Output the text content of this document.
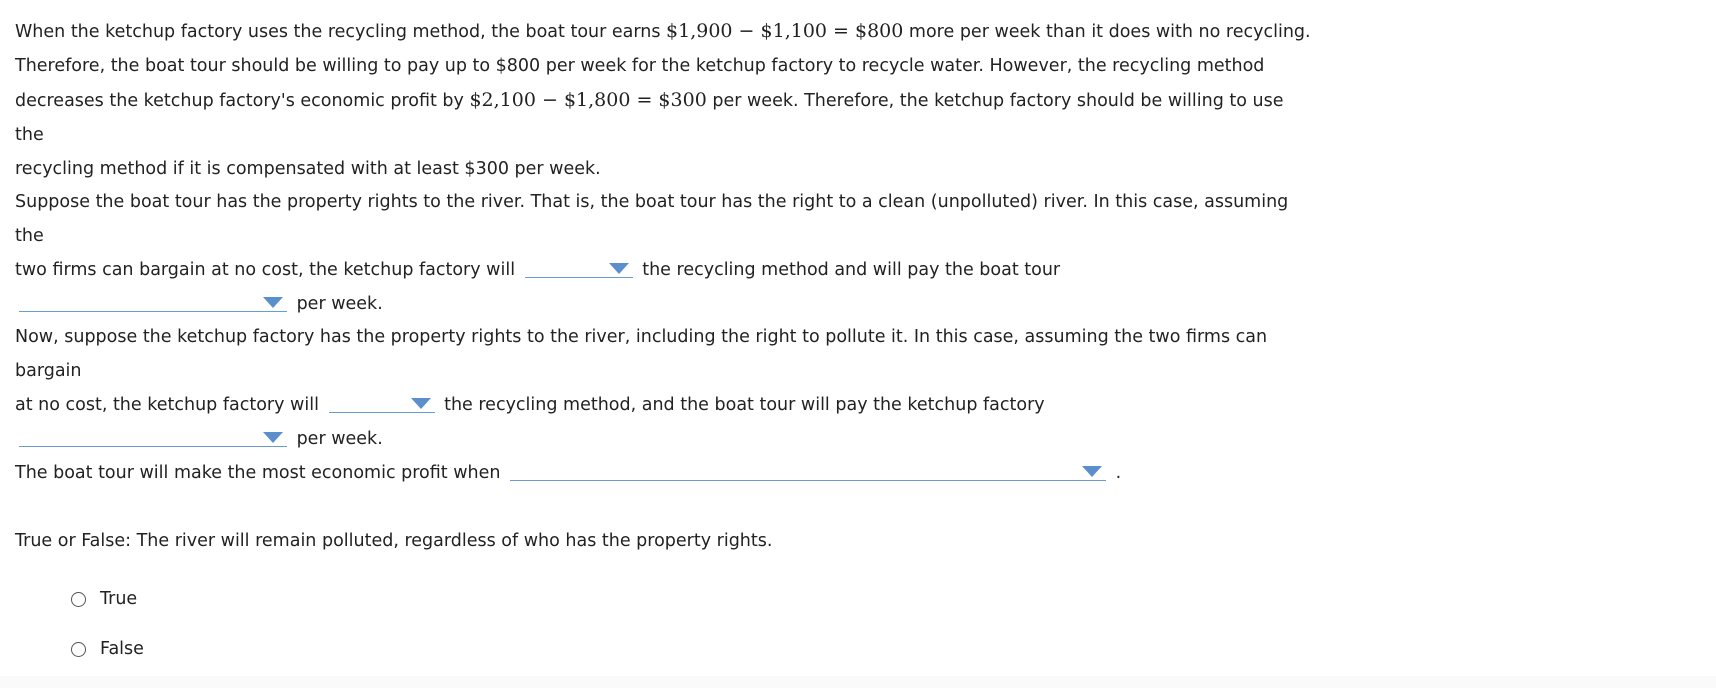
When the ketchup factory uses the recycling method, the boat tour earns $1,900 − $1,100 = $800 more per week than it does with no recycling.
Therefore, the boat tour should be willing to pay up to $800 per week for the ketchup factory to recycle water. However, the recycling method
decreases the ketchup factory's economic profit by $2,100 − $1,800 = $300 per week. Therefore, the ketchup factory should be willing to use the
recycling method if it is compensated with at least $300 per week.
Suppose the boat tour has the property rights to the river. That is, the boat tour has the right to a clean (unpolluted) river. In this case, assuming the
two firms can bargain at no cost, the ketchup factory will	the recycling method and will pay the boat tour
per week.
Now, suppose the ketchup factory has the property rights to the river, including the right to pollute it. In this case, assuming the two firms can bargain
at no cost, the ketchup factory will	the recycling method, and the boat tour will pay the ketchup factory
per week.
The boat tour will make the most economic profit when	.
True or False: The river will remain polluted, regardless of who has the property rights.
True
False
